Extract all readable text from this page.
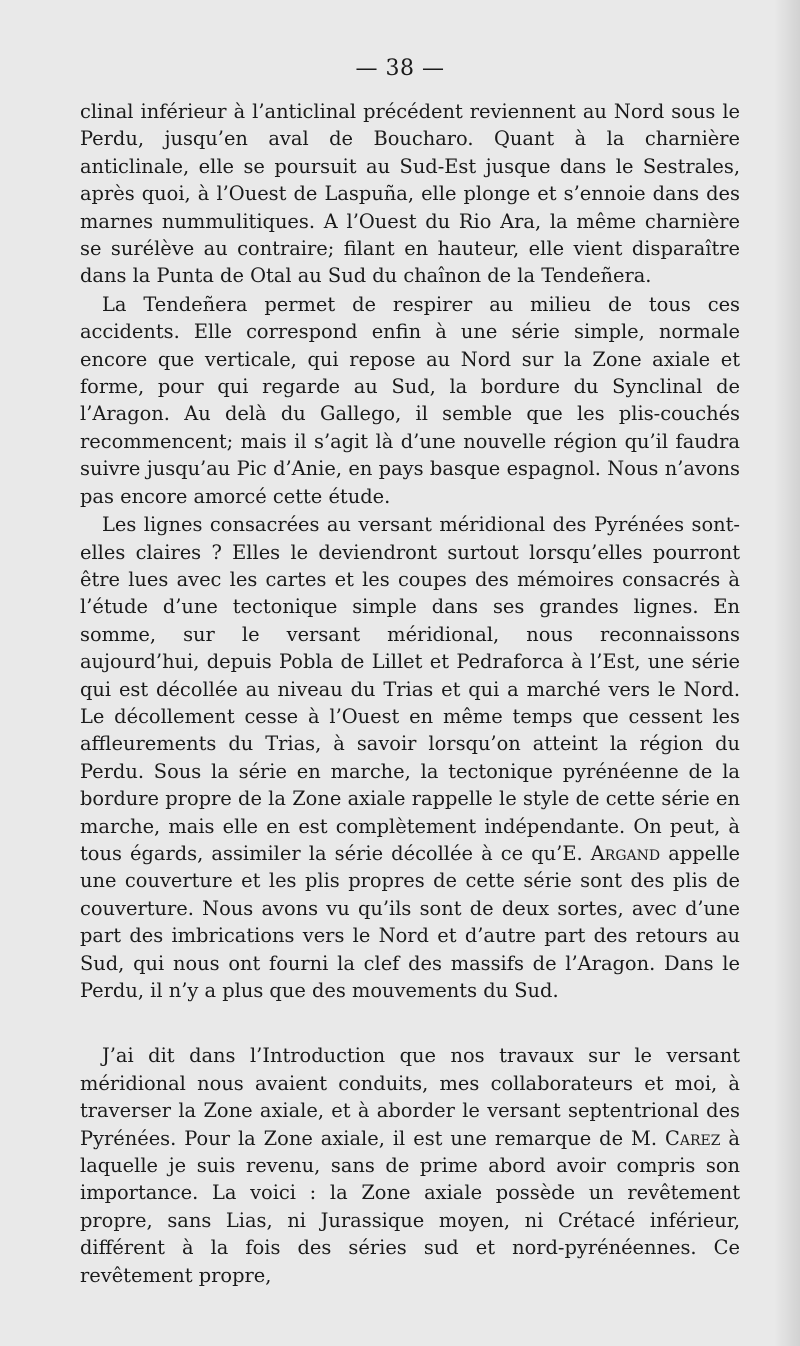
— 38 —

clinal inférieur à l’anticlinal précédent reviennent au Nord sous le Perdu, jusqu’en aval de Boucharo. Quant à la charnière anticlinale, elle se poursuit au Sud-Est jusque dans le Sestrales, après quoi, à l’Ouest de Laspuña, elle plonge et s’ennoie dans des marnes nummulitiques. A l’Ouest du Rio Ara, la même charnière se surélève au contraire; filant en hauteur, elle vient disparaître dans la Punta de Otal au Sud du chaînon de la Tendeñera.

La Tendeñera permet de respirer au milieu de tous ces accidents. Elle correspond enfin à une série simple, normale encore que verticale, qui repose au Nord sur la Zone axiale et forme, pour qui regarde au Sud, la bordure du Synclinal de l’Aragon. Au delà du Gallego, il semble que les plis-couchés recommencent; mais il s’agit là d’une nouvelle région qu’il faudra suivre jusqu’au Pic d’Anie, en pays basque espagnol. Nous n’avons pas encore amorcé cette étude.

Les lignes consacrées au versant méridional des Pyrénées sont-elles claires ? Elles le deviendront surtout lorsqu’elles pourront être lues avec les cartes et les coupes des mémoires consacrés à l’étude d’une tectonique simple dans ses grandes lignes. En somme, sur le versant méridional, nous reconnaissons aujourd’hui, depuis Pobla de Lillet et Pedraforca à l’Est, une série qui est décollée au niveau du Trias et qui a marché vers le Nord. Le décollement cesse à l’Ouest en même temps que cessent les affleurements du Trias, à savoir lorsqu’on atteint la région du Perdu. Sous la série en marche, la tectonique pyrénéenne de la bordure propre de la Zone axiale rappelle le style de cette série en marche, mais elle en est complètement indépendante. On peut, à tous égards, assimiler la série décollée à ce qu’E. Argand appelle une couverture et les plis propres de cette série sont des plis de couverture. Nous avons vu qu’ils sont de deux sortes, avec d’une part des imbrications vers le Nord et d’autre part des retours au Sud, qui nous ont fourni la clef des massifs de l’Aragon. Dans le Perdu, il n’y a plus que des mouvements du Sud.

J’ai dit dans l’Introduction que nos travaux sur le versant méridional nous avaient conduits, mes collaborateurs et moi, à traverser la Zone axiale, et à aborder le versant septentrional des Pyrénées. Pour la Zone axiale, il est une remarque de M. Carez à laquelle je suis revenu, sans de prime abord avoir compris son importance. La voici : la Zone axiale possède un revêtement propre, sans Lias, ni Jurassique moyen, ni Crétacé inférieur, différent à la fois des séries sud et nord-pyrénéennes. Ce revêtement propre,
